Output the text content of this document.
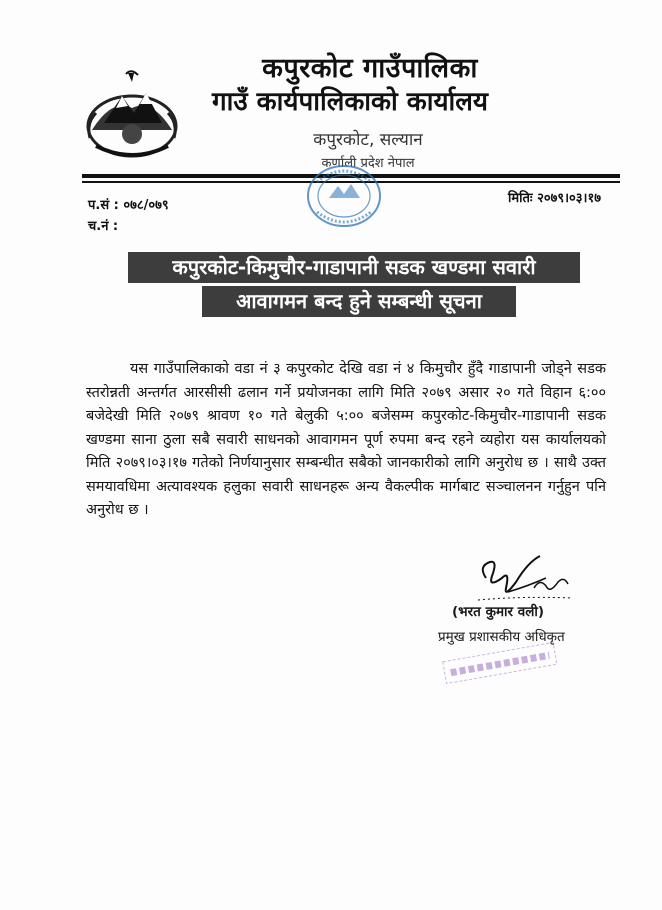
कपुरकोट गाउँपालिका
गाउँ कार्यपालिकाको कार्यालय
कपुरकोट, सल्यान
कर्णाली प्रदेश नेपाल
प.सं : ०७८/०७९
च.नं :
मितिः २०७९।०३।१७
कपुरकोट-किमुचौर-गाडापानी सडक खण्डमा सवारी
आवागमन बन्द हुने सम्बन्धी सूचना

यस गाउँपालिकाको वडा नं ३ कपुरकोट देखि वडा नं ४ किमुचौर हुँदै गाडापानी जोड्ने सडक स्तरोन्नती अन्तर्गत आरसीसी ढलान गर्ने प्रयोजनका लागि मिति २०७९ असार २० गते विहान ६:०० बजेदेखी मिति २०७९ श्रावण १० गते बेलुकी ५:०० बजेसम्म कपुरकोट-किमुचौर-गाडापानी सडक खण्डमा साना ठुला सबै सवारी साधनको आवागमन पूर्ण रुपमा बन्द रहने व्यहोरा यस कार्यालयको मिति २०७९।०३।१७ गतेको निर्णयानुसार सम्बन्धीत सबैको जानकारीको लागि अनुरोध छ । साथै उक्त समयावधिमा अत्यावश्यक हलुका सवारी साधनहरू अन्य वैकल्पीक मार्गबाट सञ्चालनन गर्नुहुन पनि अनुरोध छ ।

(भरत कुमार वली)
प्रमुख प्रशासकीय अधिकृत
